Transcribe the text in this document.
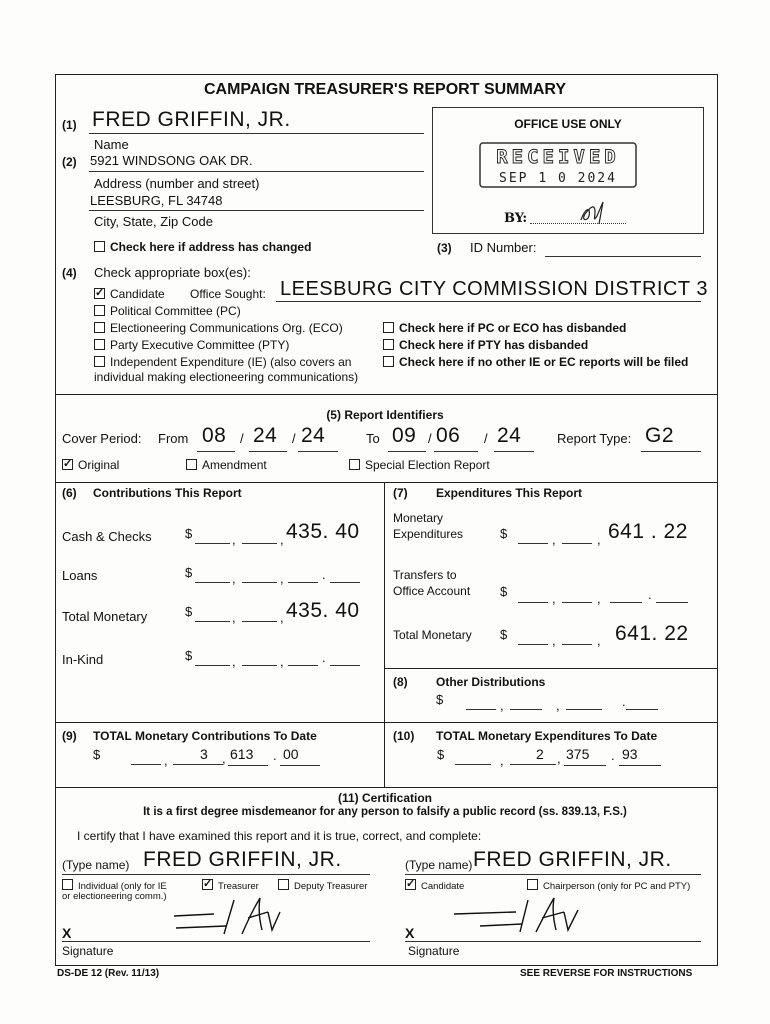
CAMPAIGN TREASURER'S REPORT SUMMARY
(1) FRED GRIFFIN, JR.
Name
(2) 5921 WINDSONG OAK DR.
Address (number and street)
LEESBURG, FL 34748
City, State, Zip Code
OFFICE USE ONLY
RECEIVED
SEP 1 0 2024
BY:
Check here if address has changed	(3) ID Number:
(4) Check appropriate box(es):
✓Candidate Office Sought: LEESBURG CITY COMMISSION DISTRICT 3
Political Committee (PC)
Electioneering Communications Org. (ECO)
Party Executive Committee (PTY)
Independent Expenditure (IE) (also covers an
individual making electioneering communications)
Check here if PC or ECO has disbanded
Check here if PTY has disbanded
Check here if no other IE or EC reports will be filed
(5) Report Identifiers
Cover Period: From 08 / 24 / 24	To 09 / 06 / 24	Report Type: G2
✓Original	Amendment	Special Election Report
(6) Contributions This Report
Cash & Checks	$	,	, 435. 40
Loans	$	,	,	.
Total Monetary	$	,	, 435. 40
In-Kind	$	,	,	.
(7) Expenditures This Report
Monetary
Expenditures	$	,	, 641 . 22
Transfers to
Office Account $	,	,	.
Total Monetary $	,	, 641. 22
(8) Other Distributions
$	,	,	.
(9) TOTAL Monetary Contributions To Date
$	, 3 , 613 . 00
(10) TOTAL Monetary Expenditures To Date
$	, 2 , 375 . 93
(11) Certification
It is a first degree misdemeanor for any person to falsify a public record (ss. 839.13, F.S.)
I certify that I have examined this report and it is true, correct, and complete:
(Type name) FRED GRIFFIN, JR.	(Type name) FRED GRIFFIN, JR.
Individual (only for IE
or electioneering comm.)
✓Treasurer	Deputy Treasurer
✓	Candidate	Chairperson (only for PC and PTY)
X
Signature
X
Signature
DS-DE 12 (Rev. 11/13)	SEE REVERSE FOR INSTRUCTIONS
